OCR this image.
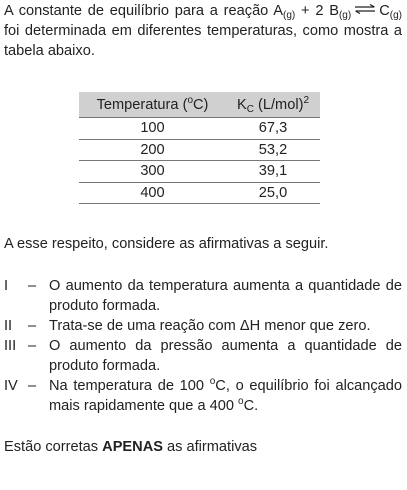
A constante de equilíbrio para a reação $A_{(g)} + 2$ $B_{(g)}$ ⇌ $C_{(g)}$ foi determinada em diferentes temperaturas, como mostra a tabela abaixo.

Temperatura ($^o$C)	$K_C$ $(L/mol)^2$
100	67,3
200	53,2
300	39,1
400	25,0

A esse respeito, considere as afirmativas a seguir.

I	– O aumento da temperatura aumenta a quantidade de produto formada.
II	– Trata-se de uma reação com ΔH menor que zero.
III – O aumento da pressão aumenta a quantidade de produto formada.
IV – Na temperatura de 100 $^o$C, o equilíbrio foi alcançado mais rapidamente que a 400 $^o$C.

Estão corretas APENAS as afirmativas
